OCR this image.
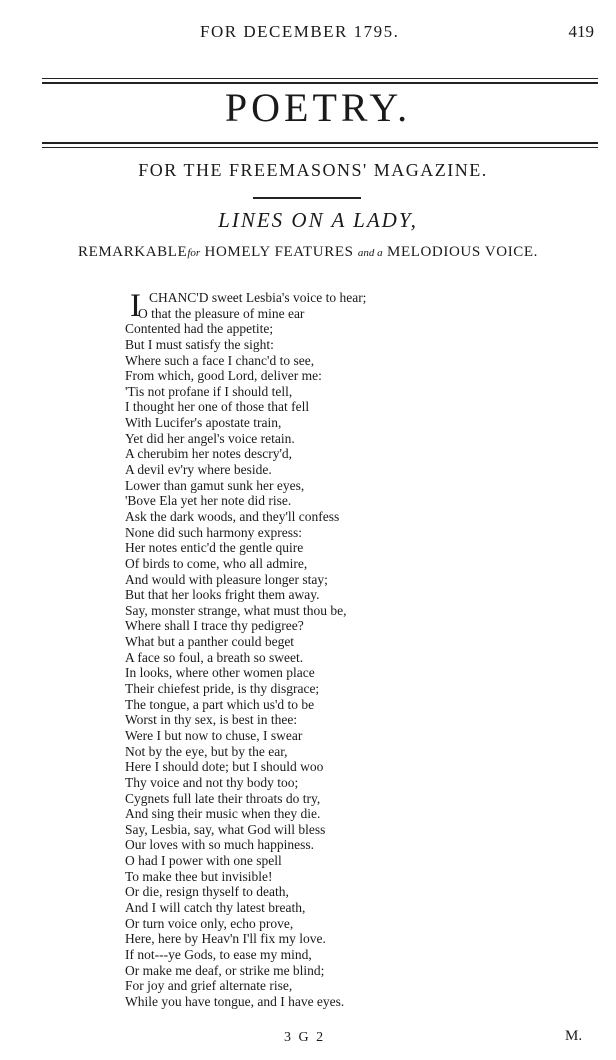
FOR DECEMBER 1795.	419
POETRY.
FOR THE FREEMASONS' MAGAZINE.
LINES ON A LADY,
REMARKABLEfor HOMELY FEATURES and a MELODIOUS VOICE.
I CHANC'D sweet Lesbia's voice to hear;
O that the pleasure of mine ear
Contented had the appetite;
But I must satisfy the sight:
Where such a face I chanc'd to see,
From which, good Lord, deliver me:
'Tis not profane if I should tell,
I thought her one of those that fell
With Lucifer's apostate train,
Yet did her angel's voice retain.
A cherubim her notes descry'd,
A devil ev'ry where beside.
Lower than gamut sunk her eyes,
'Bove Ela yet her note did rise.
Ask the dark woods, and they'll confess
None did such harmony express:
Her notes entic'd the gentle quire
Of birds to come, who all admire,
And would with pleasure longer stay;
But that her looks fright them away.
Say, monster strange, what must thou be,
Where shall I trace thy pedigree?
What but a panther could beget
A face so foul, a breath so sweet.
In looks, where other women place
Their chiefest pride, is thy disgrace;
The tongue, a part which us'd to be
Worst in thy sex, is best in thee:
Were I but now to chuse, I swear
Not by the eye, but by the ear,
Here I should dote; but I should woo
Thy voice and not thy body too;
Cygnets full late their throats do try,
And sing their music when they die.
Say, Lesbia, say, what God will bless
Our loves with so much happiness.
O had I power with one spell
To make thee but invisible!
Or die, resign thyself to death,
And I will catch thy latest breath,
Or turn voice only, echo prove,
Here, here by Heav'n I'll fix my love.
If not---ye Gods, to ease my mind,
Or make me deaf, or strike me blind;
For joy and grief alternate rise,
While you have tongue, and I have eyes.
3 G 2	M.
